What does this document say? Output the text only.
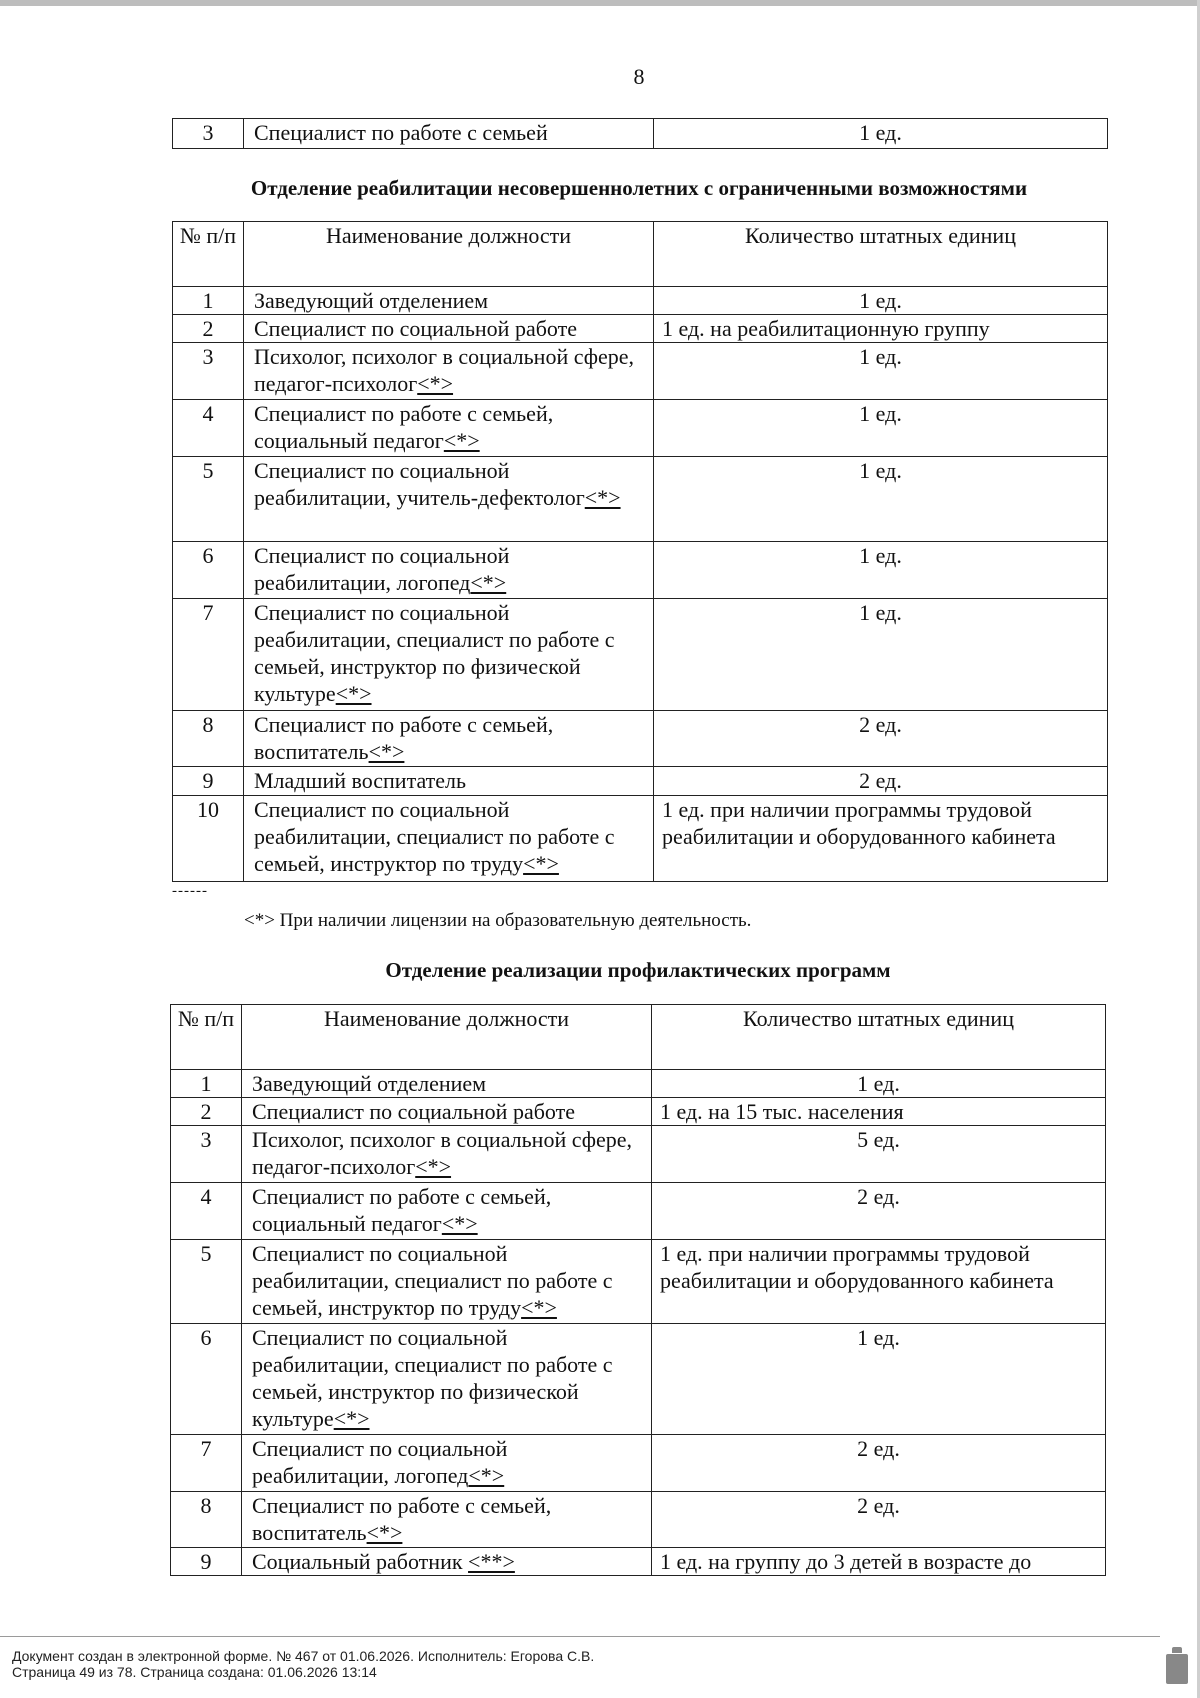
8
3	Специалист по работе с семьей	1 ед.
Отделение реабилитации несовершеннолетних с ограниченными возможностями
№ п/п	Наименование должности	Количество штатных единиц
1	Заведующий отделением	1 ед.
2	Специалист по социальной работе	1 ед. на реабилитационную группу
3	Психолог, психолог в социальной сфере, педагог-психолог<*>	1 ед.
4	Специалист по работе с семьей, социальный педагог<*>	1 ед.
5	Специалист по социальной реабилитации, учитель-дефектолог<*>	1 ед.
6	Специалист по социальной реабилитации, логопед<*>	1 ед.
7	Специалист по социальной реабилитации, специалист по работе с семьей, инструктор по физической культуре<*>	1 ед.
8	Специалист по работе с семьей, воспитатель<*>	2 ед.
9	Младший воспитатель	2 ед.
10	Специалист по социальной реабилитации, специалист по работе с семьей, инструктор по труду<*>	1 ед. при наличии программы трудовой реабилитации и оборудованного кабинета
------
<*> При наличии лицензии на образовательную деятельность.
Отделение реализации профилактических программ
№ п/п	Наименование должности	Количество штатных единиц
1	Заведующий отделением	1 ед.
2	Специалист по социальной работе	1 ед. на 15 тыс. населения
3	Психолог, психолог в социальной сфере, педагог-психолог<*>	5 ед.
4	Специалист по работе с семьей, социальный педагог<*>	2 ед.
5	Специалист по социальной реабилитации, специалист по работе с семьей, инструктор по труду<*>	1 ед. при наличии программы трудовой реабилитации и оборудованного кабинета
6	Специалист по социальной реабилитации, специалист по работе с семьей, инструктор по физической культуре<*>	1 ед.
7	Специалист по социальной реабилитации, логопед<*>	2 ед.
8	Специалист по работе с семьей, воспитатель<*>	2 ед.
9	Социальный работник <**>	1 ед. на группу до 3 детей в возрасте до
Документ создан в электронной форме. № 467 от 01.06.2026. Исполнитель: Егорова С.В.
Страница 49 из 78. Страница создана: 01.06.2026 13:14
